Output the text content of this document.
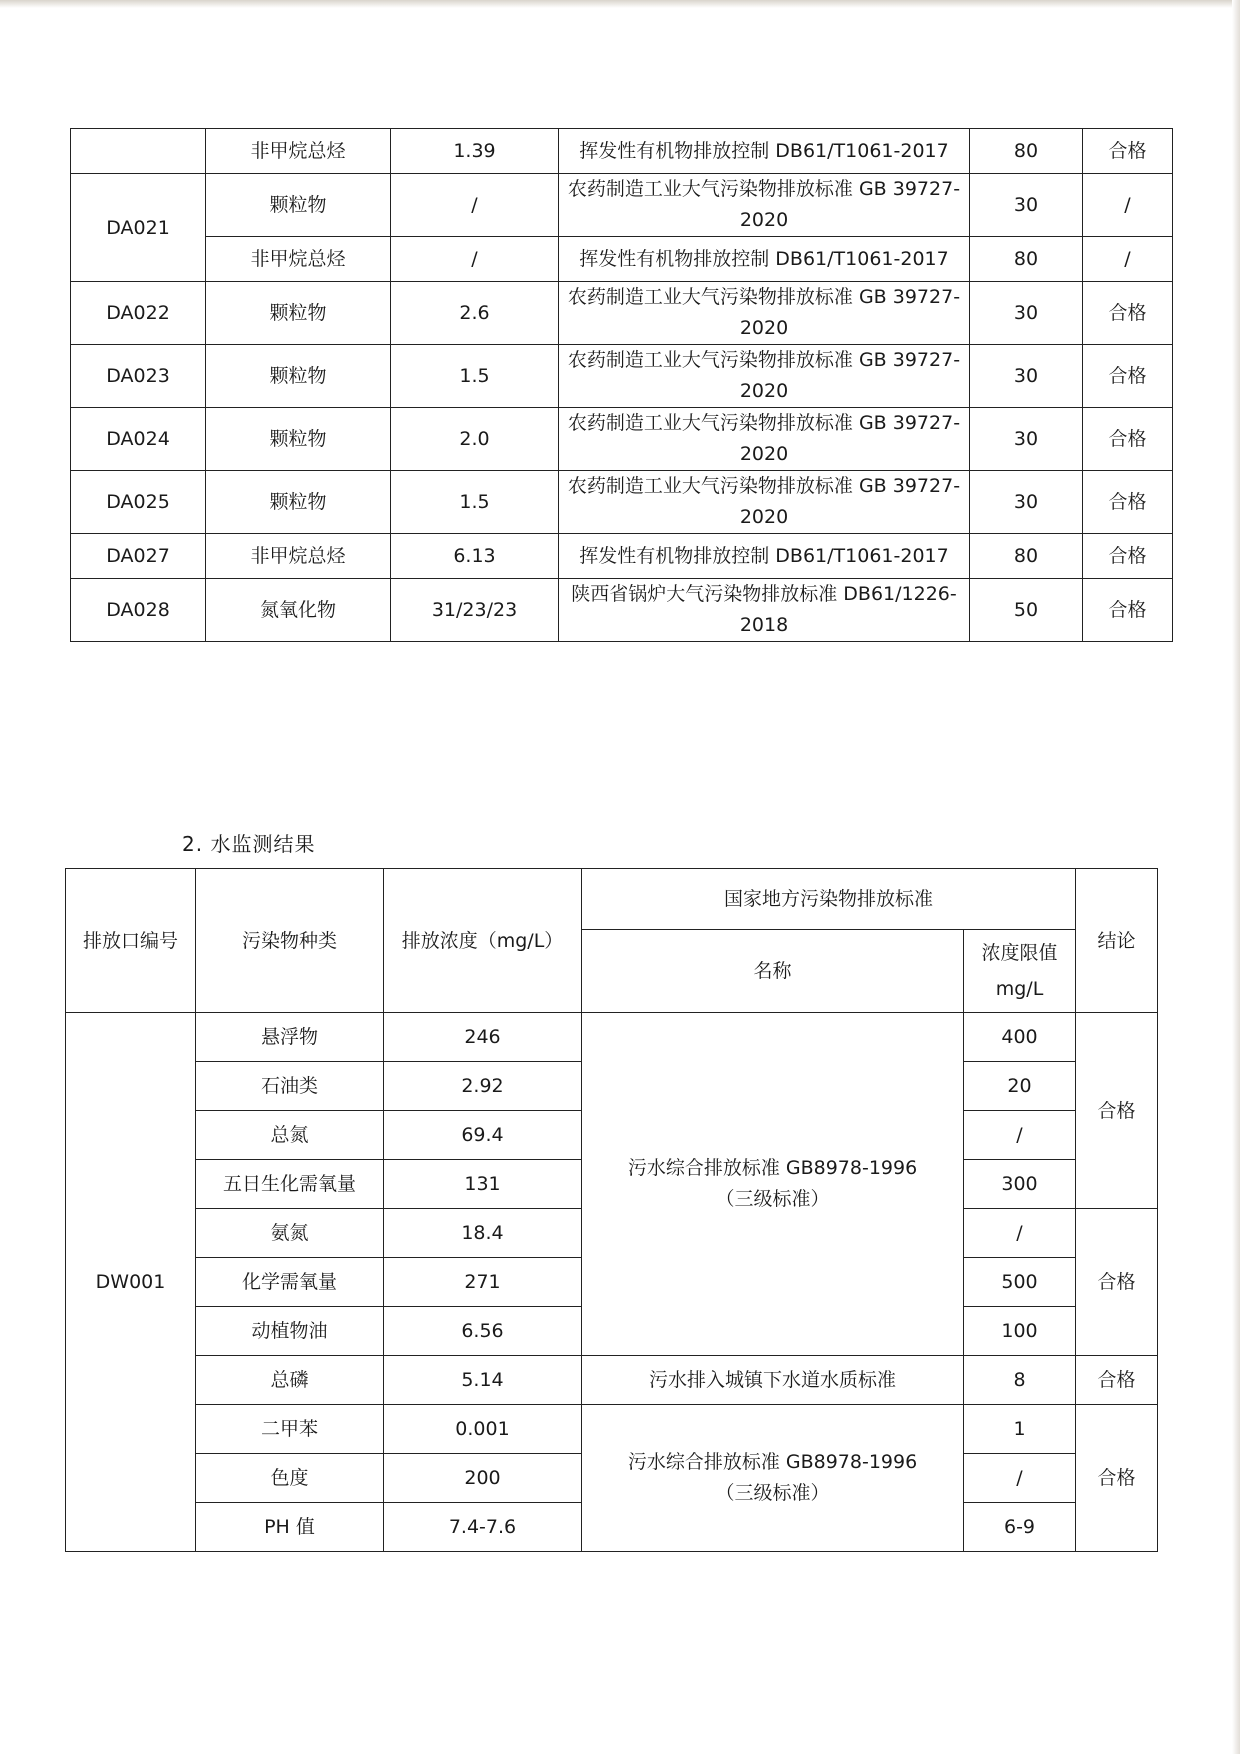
	非甲烷总烃	1.39	挥发性有机物排放控制 DB61/T1061-2017	80	合格
DA021	颗粒物	/	农药制造工业大气污染物排放标准 GB 39727-2020	30	/
	非甲烷总烃	/	挥发性有机物排放控制 DB61/T1061-2017	80	/
DA022	颗粒物	2.6	农药制造工业大气污染物排放标准 GB 39727-2020	30	合格
DA023	颗粒物	1.5	农药制造工业大气污染物排放标准 GB 39727-2020	30	合格
DA024	颗粒物	2.0	农药制造工业大气污染物排放标准 GB 39727-2020	30	合格
DA025	颗粒物	1.5	农药制造工业大气污染物排放标准 GB 39727-2020	30	合格
DA027	非甲烷总烃	6.13	挥发性有机物排放控制 DB61/T1061-2017	80	合格
DA028	氮氧化物	31/23/23	陕西省锅炉大气污染物排放标准 DB61/1226-2018	50	合格
2. 水监测结果
排放口编号	污染物种类	排放浓度（mg/L）	国家地方污染物排放标准		结论
			名称	浓度限值 mg/L	

DW001	悬浮物	246	污水综合排放标准 GB8978-1996（三级标准）	400	合格
	石油类	2.92		20	
	总氮	69.4		/	
	五日生化需氧量	131		300	
	氨氮	18.4		/	合格
	化学需氧量	271		500	
	动植物油	6.56		100	
	总磷	5.14	污水排入城镇下水道水质标准	8	合格
	二甲苯	0.001	污水综合排放标准 GB8978-1996（三级标准）	1	合格
	色度	200		/	
	PH 值	7.4-7.6		6-9	
